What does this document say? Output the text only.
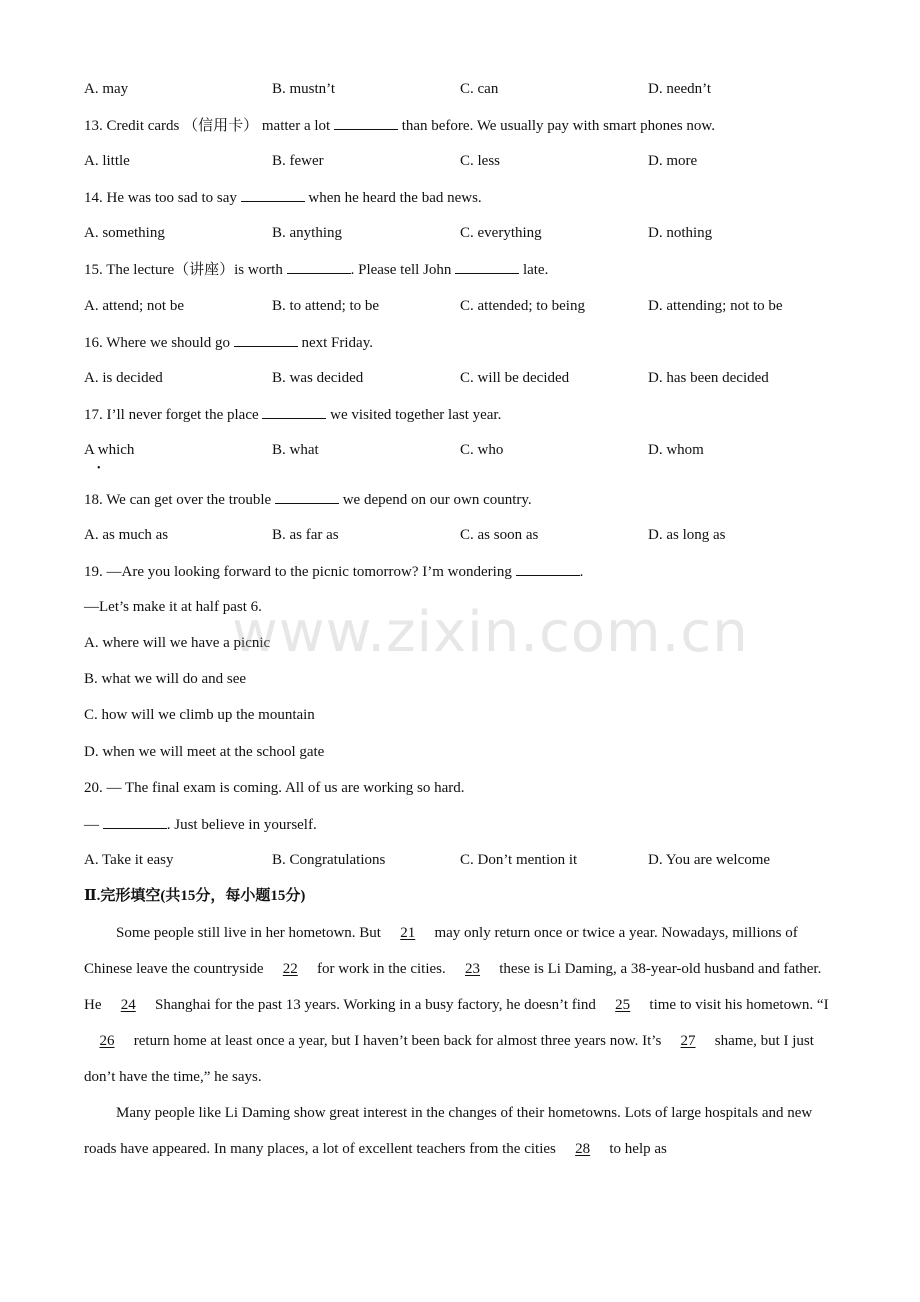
A. may	B. mustn’t	C. can	D. needn’t
13. Credit cards （信用卡） matter a lot	than before. We usually pay with smart phones now.
A. little	B. fewer	C. less	D. more
14. He was too sad to say	when he heard the bad news.
A. something	B. anything	C. everything	D. nothing
15. The lecture（讲座）is worth	. Please tell John	late.
A. attend; not be	B. to attend; to be	C. attended; to being	D. attending; not to be
16. Where we should go	next Friday.
A. is decided	B. was decided	C. will be decided	D. has been decided
17. I’ll never forget the place	we visited together last year.
A which	B. what	C. who	D. whom
•
18. We can get over the trouble	we depend on our own country.
A. as much as	B. as far as	C. as soon as	D. as long as
19. —Are you looking forward to the picnic tomorrow? I’m wondering	.
—Let’s make it at half past 6.
A. where will we have a picnic
B. what we will do and see
C. how will we climb up the mountain
D. when we will meet at the school gate
20. — The final exam is coming. All of us are working so hard.
—	. Just believe in yourself.
A. Take it easy	B. Congratulations	C. Don’t mention it	D. You are welcome
Ⅱ.完形填空(共15分，每小题15分)
Some people still live in her hometown. But 21 may only return once or twice a year. Nowadays, millions of Chinese leave the countryside 22 for work in the cities. 23 these is Li Daming, a 38-year-old husband and father. He 24 Shanghai for the past 13 years. Working in a busy factory, he doesn’t find 25 time to visit his hometown. “I 26 return home at least once a year, but I haven’t been back for almost three years now. It’s 27 shame, but I just don’t have the time,” he says.
Many people like Li Daming show great interest in the changes of their hometowns. Lots of large hospitals and new roads have appeared. In many places, a lot of excellent teachers from the cities 28 to help as
www.zixin.com.cn
